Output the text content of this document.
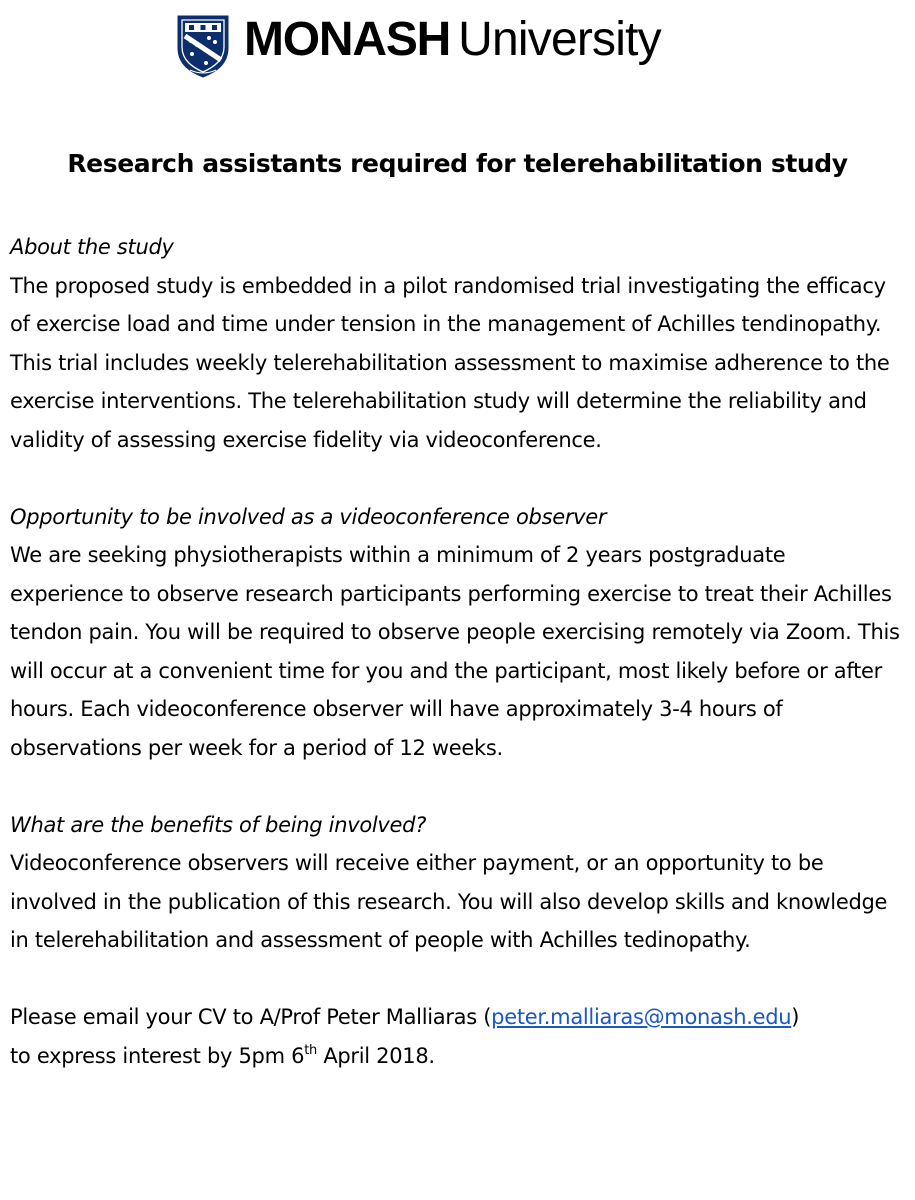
MONASH University
Research assistants required for telerehabilitation study
About the study

The proposed study is embedded in a pilot randomised trial investigating the efficacy of exercise load and time under tension in the management of Achilles tendinopathy. This trial includes weekly telerehabilitation assessment to maximise adherence to the exercise interventions. The telerehabilitation study will determine the reliability and validity of assessing exercise fidelity via videoconference.

Opportunity to be involved as a videoconference observer

We are seeking physiotherapists within a minimum of 2 years postgraduate experience to observe research participants performing exercise to treat their Achilles tendon pain. You will be required to observe people exercising remotely via Zoom. This will occur at a convenient time for you and the participant, most likely before or after hours. Each videoconference observer will have approximately 3-4 hours of observations per week for a period of 12 weeks.

What are the benefits of being involved?

Videoconference observers will receive either payment, or an opportunity to be involved in the publication of this research. You will also develop skills and knowledge in telerehabilitation and assessment of people with Achilles tedinopathy.

Please email your CV to A/Prof Peter Malliaras (peter.malliaras@monash.edu)
to express interest by 5pm 6th April 2018.
